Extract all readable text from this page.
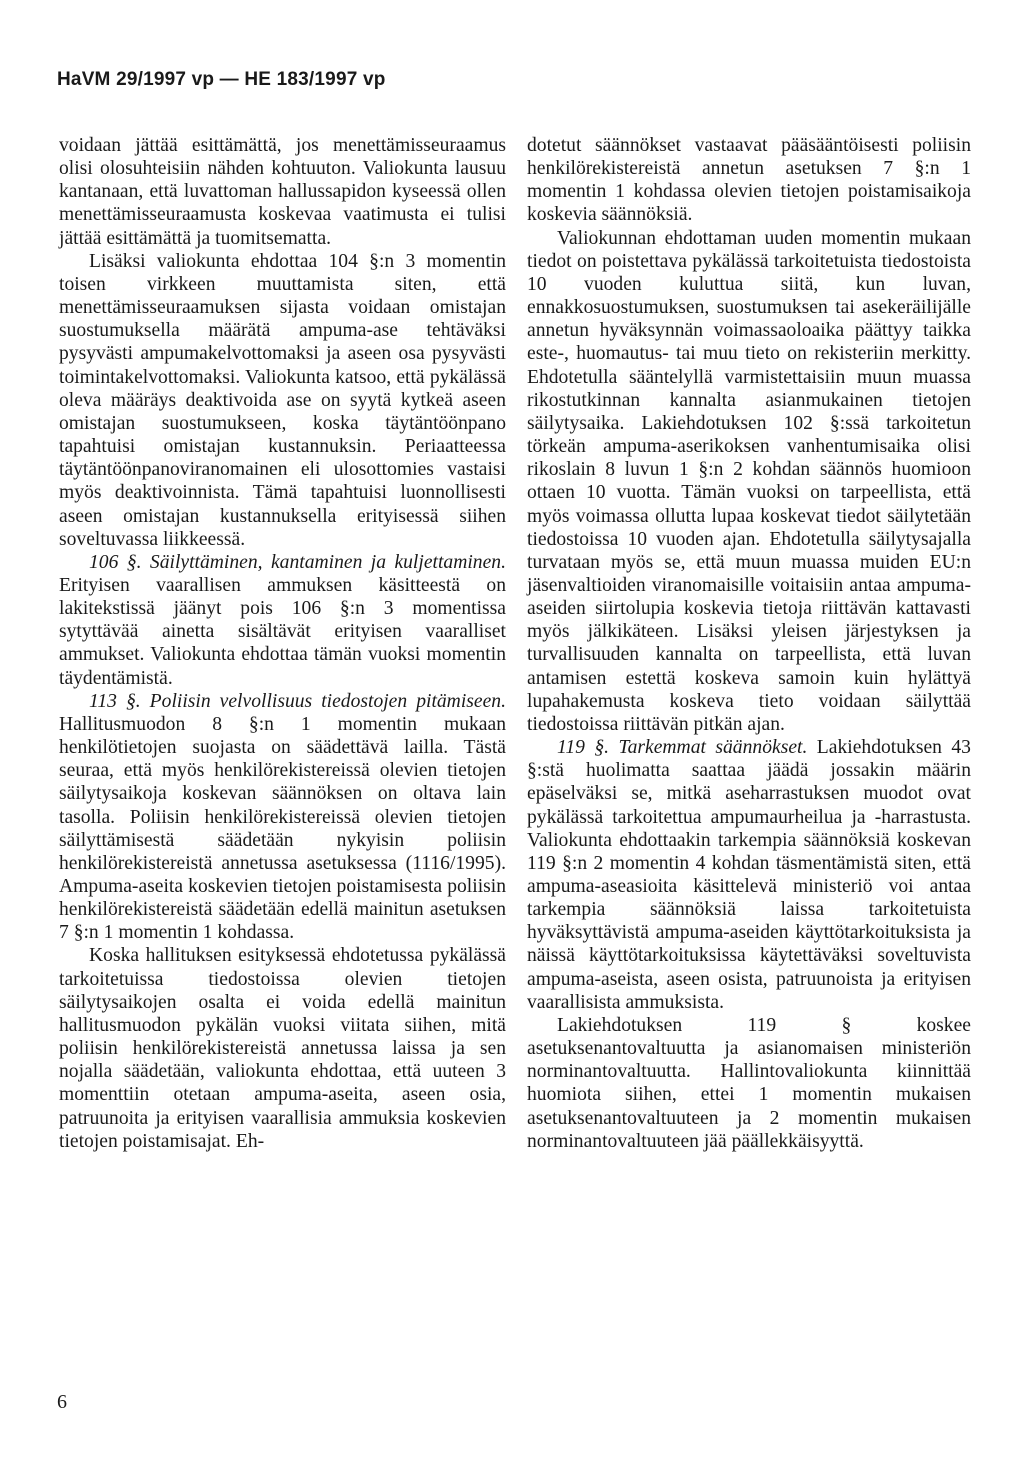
HaVM 29/1997 vp — HE 183/1997 vp

voidaan jättää esittämättä, jos menettämisseuraamus olisi olosuhteisiin nähden kohtuuton. Valiokunta lausuu kantanaan, että luvattoman hallussapidon kyseessä ollen menettämisseuraamusta koskevaa vaatimusta ei tulisi jättää esittämättä ja tuomitsematta.

Lisäksi valiokunta ehdottaa 104 §:n 3 momentin toisen virkkeen muuttamista siten, että menettämisseuraamuksen sijasta voidaan omistajan suostumuksella määrätä ampuma-ase tehtäväksi pysyvästi ampumakelvottomaksi ja aseen osa pysyvästi toimintakelvottomaksi. Valiokunta katsoo, että pykälässä oleva määräys deaktivoida ase on syytä kytkeä aseen omistajan suostumukseen, koska täytäntöönpano tapahtuisi omistajan kustannuksin. Periaatteessa täytäntöönpanoviranomainen eli ulosottomies vastaisi myös deaktivoinnista. Tämä tapahtuisi luonnollisesti aseen omistajan kustannuksella erityisessä siihen soveltuvassa liikkeessä.

106 §. Säilyttäminen, kantaminen ja kuljettaminen. Erityisen vaarallisen ammuksen käsitteestä on lakitekstissä jäänyt pois 106 §:n 3 momentissa sytyttävää ainetta sisältävät erityisen vaaralliset ammukset. Valiokunta ehdottaa tämän vuoksi momentin täydentämistä.

113 §. Poliisin velvollisuus tiedostojen pitämiseen. Hallitusmuodon 8 §:n 1 momentin mukaan henkilötietojen suojasta on säädettävä lailla. Tästä seuraa, että myös henkilörekistereissä olevien tietojen säilytysaikoja koskevan säännöksen on oltava lain tasolla. Poliisin henkilörekistereissä olevien tietojen säilyttämisestä säädetään nykyisin poliisin henkilörekistereistä annetussa asetuksessa (1116/1995). Ampuma-aseita koskevien tietojen poistamisesta poliisin henkilörekistereistä säädetään edellä mainitun asetuksen 7 §:n 1 momentin 1 kohdassa.

Koska hallituksen esityksessä ehdotetussa pykälässä tarkoitetuissa tiedostoissa olevien tietojen säilytysaikojen osalta ei voida edellä mainitun hallitusmuodon pykälän vuoksi viitata siihen, mitä poliisin henkilörekistereistä annetussa laissa ja sen nojalla säädetään, valiokunta ehdottaa, että uuteen 3 momenttiin otetaan ampuma-aseita, aseen osia, patruunoita ja erityisen vaarallisia ammuksia koskevien tietojen poistamisajat. Eh-

dotetut säännökset vastaavat pääsääntöisesti poliisin henkilörekistereistä annetun asetuksen 7 §:n 1 momentin 1 kohdassa olevien tietojen poistamisaikoja koskevia säännöksiä.

Valiokunnan ehdottaman uuden momentin mukaan tiedot on poistettava pykälässä tarkoitetuista tiedostoista 10 vuoden kuluttua siitä, kun luvan, ennakkosuostumuksen, suostumuksen tai asekeräilijälle annetun hyväksynnän voimassaoloaika päättyy taikka este-, huomautus- tai muu tieto on rekisteriin merkitty. Ehdotetulla sääntelyllä varmistettaisiin muun muassa rikostutkinnan kannalta asianmukainen tietojen säilytysaika. Lakiehdotuksen 102 §:ssä tarkoitetun törkeän ampuma-aserikoksen vanhentumisaika olisi rikoslain 8 luvun 1 §:n 2 kohdan säännös huomioon ottaen 10 vuotta. Tämän vuoksi on tarpeellista, että myös voimassa ollutta lupaa koskevat tiedot säilytetään tiedostoissa 10 vuoden ajan. Ehdotetulla säilytysajalla turvataan myös se, että muun muassa muiden EU:n jäsenvaltioiden viranomaisille voitaisiin antaa ampuma-aseiden siirtolupia koskevia tietoja riittävän kattavasti myös jälkikäteen. Lisäksi yleisen järjestyksen ja turvallisuuden kannalta on tarpeellista, että luvan antamisen estettä koskeva samoin kuin hylättyä lupahakemusta koskeva tieto voidaan säilyttää tiedostoissa riittävän pitkän ajan.

119 §. Tarkemmat säännökset. Lakiehdotuksen 43 §:stä huolimatta saattaa jäädä jossakin määrin epäselväksi se, mitkä aseharrastuksen muodot ovat pykälässä tarkoitettua ampumaurheilua ja -harrastusta. Valiokunta ehdottaakin tarkempia säännöksiä koskevan 119 §:n 2 momentin 4 kohdan täsmentämistä siten, että ampuma-aseasioita käsittelevä ministeriö voi antaa tarkempia säännöksiä laissa tarkoitetuista hyväksyttävistä ampuma-aseiden käyttötarkoituksista ja näissä käyttötarkoituksissa käytettäväksi soveltuvista ampuma-aseista, aseen osista, patruunoista ja erityisen vaarallisista ammuksista.

Lakiehdotuksen 119 § koskee asetuksenantovaltuutta ja asianomaisen ministeriön norminantovaltuutta. Hallintovaliokunta kiinnittää huomiota siihen, ettei 1 momentin mukaisen asetuksenantovaltuuteen ja 2 momentin mukaisen norminantovaltuuteen jää päällekkäisyyttä.

6
